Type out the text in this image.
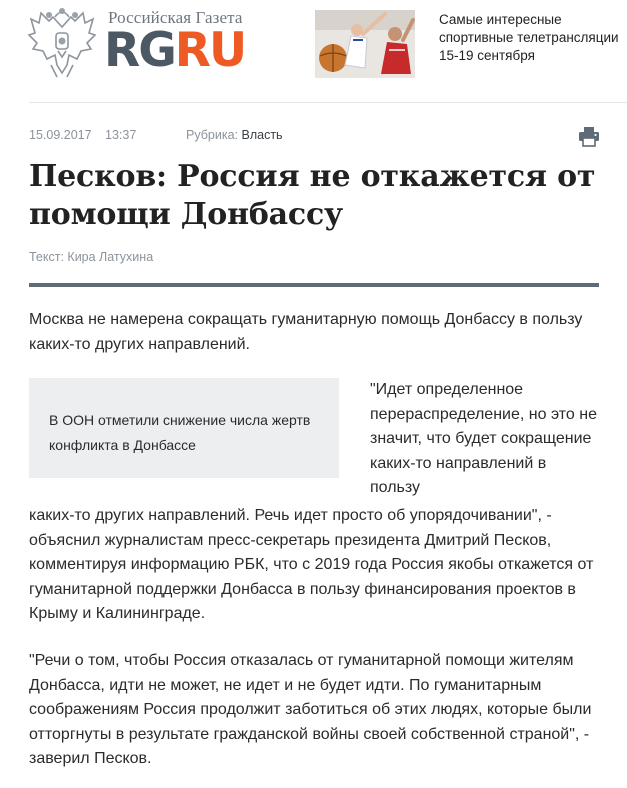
Российская Газета
RGRU
Самые интересные спортивные телетрансляции 15-19 сентября
15.09.2017 13:37	Рубрика: Власть
Песков: Россия не откажется от помощи Донбассу
Текст: Кира Латухина

Москва не намерена сокращать гуманитарную помощь Донбассу в пользу каких-то других направлений.

В ООН отметили снижение числа жертв конфликта в Донбассе

"Идет определенное перераспределение, но это не значит, что будет сокращение каких-то направлений в пользу

каких-то других направлений. Речь идет просто об упорядочивании", - объяснил журналистам пресс-секретарь президента Дмитрий Песков, комментируя информацию РБК, что с 2019 года Россия якобы откажется от гуманитарной поддержки Донбасса в пользу финансирования проектов в Крыму и Калининграде.

"Речи о том, чтобы Россия отказалась от гуманитарной помощи жителям Донбасса, идти не может, не идет и не будет идти. По гуманитарным соображениям Россия продолжит заботиться об этих людях, которые были отторгнуты в результате гражданской войны своей собственной страной", - заверил Песков.
